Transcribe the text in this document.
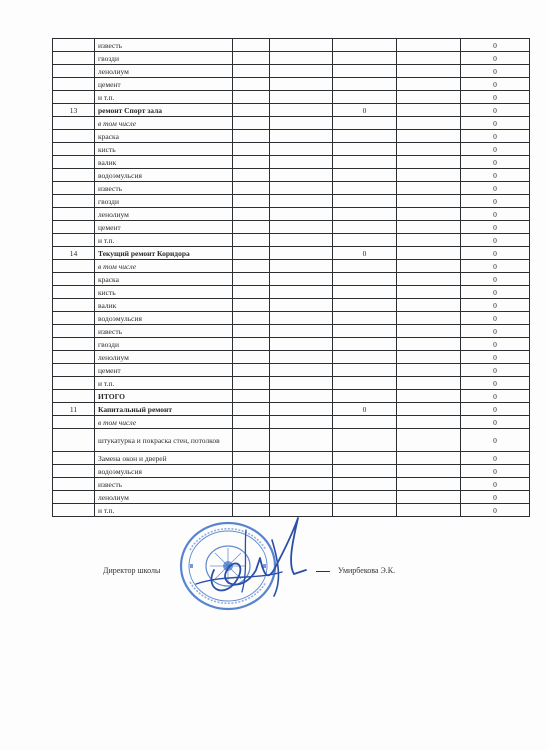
	известь					0
	гвозди					0
	ленолиум					0
	цемент					0
	и т.п.					0
13	ремонт Спорт зала			0		0
	в том числе					0
	краска					0
	кисть					0
	валик					0
	водоэмульсия					0
	известь					0
	гвозди					0
	ленолиум					0
	цемент					0
	и т.п.					0
14	Текущий ремонт Коридора			0		0
	в том числе					0
	краска					0
	кисть					0
	валик					0
	водоэмульсия					0
	известь					0
	гвозди					0
	ленолиум					0
	цемент					0
	и т.п.					0
	ИТОГО					0
11	Капитальный ремонт			0		0
	в том числе					0
	штукатурка и покраска стен, потолков					0
	Замена окон и дверей					0
	водоэмульсия					0
	известь					0
	ленолиум					0
	и т.п.					0
Директор школы	Умирбекова Э.К.
